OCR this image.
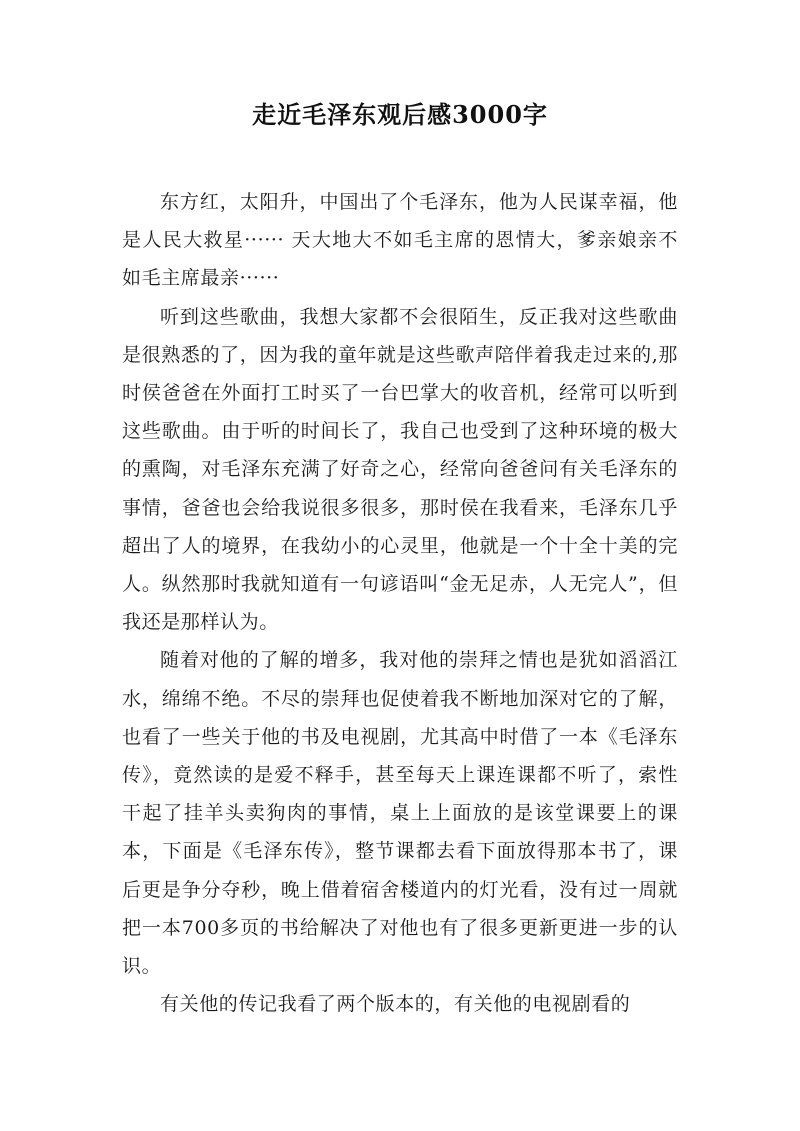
走近毛泽东观后感3000字

东方红，太阳升，中国出了个毛泽东，他为人民谋幸福，他是人民大救星······ 天大地大不如毛主席的恩情大，爹亲娘亲不如毛主席最亲······

听到这些歌曲，我想大家都不会很陌生，反正我对这些歌曲是很熟悉的了，因为我的童年就是这些歌声陪伴着我走过来的,那时侯爸爸在外面打工时买了一台巴掌大的收音机，经常可以听到这些歌曲。由于听的时间长了，我自己也受到了这种环境的极大的熏陶，对毛泽东充满了好奇之心，经常向爸爸问有关毛泽东的事情，爸爸也会给我说很多很多，那时侯在我看来，毛泽东几乎超出了人的境界，在我幼小的心灵里，他就是一个十全十美的完人。纵然那时我就知道有一句谚语叫“金无足赤，人无完人”，但我还是那样认为。

随着对他的了解的增多，我对他的崇拜之情也是犹如滔滔江水，绵绵不绝。不尽的崇拜也促使着我不断地加深对它的了解，也看了一些关于他的书及电视剧，尤其高中时借了一本《毛泽东传》，竟然读的是爱不释手，甚至每天上课连课都不听了，索性干起了挂羊头卖狗肉的事情，桌上上面放的是该堂课要上的课本，下面是《毛泽东传》，整节课都去看下面放得那本书了，课后更是争分夺秒，晚上借着宿舍楼道内的灯光看，没有过一周就把一本700多页的书给解决了对他也有了很多更新更进一步的认识。

有关他的传记我看了两个版本的，有关他的电视剧看的
